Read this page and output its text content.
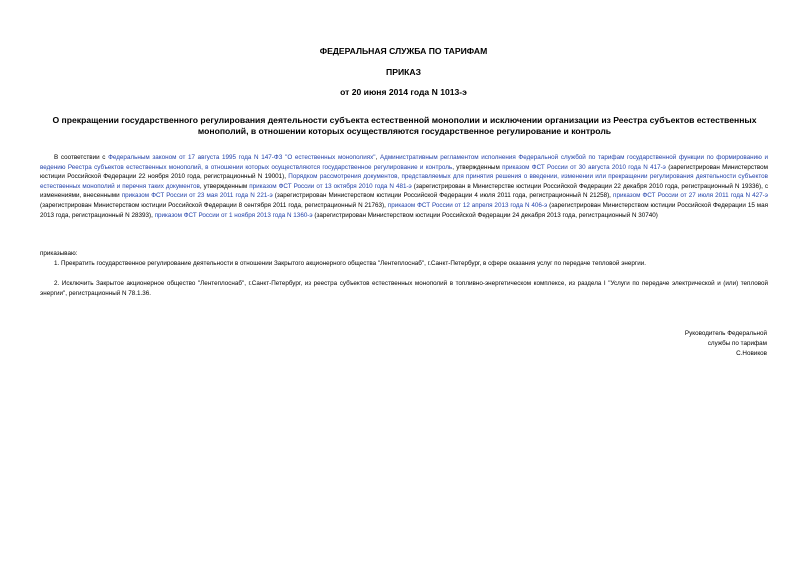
ФЕДЕРАЛЬНАЯ СЛУЖБА ПО ТАРИФАМ
ПРИКАЗ
от 20 июня 2014 года N 1013-э
О прекращении государственного регулирования деятельности субъекта естественной монополии и исключении организации из Реестра субъектов естественных монополий, в отношении которых осуществляются государственное регулирование и контроль
В соответствии с Федеральным законом от 17 августа 1995 года N 147-ФЗ "О естественных монополиях", Административным регламентом исполнения Федеральной службой по тарифам государственной функции по формированию и ведению Реестра субъектов естественных монополий, в отношении которых осуществляются государственное регулирование и контроль, утвержденным приказом ФСТ России от 30 августа 2010 года N 417-э (зарегистрирован Министерством юстиции Российской Федерации 22 ноября 2010 года, регистрационный N 19001), Порядком рассмотрения документов, представляемых для принятия решения о введении, изменении или прекращении регулирования деятельности субъектов естественных монополий и перечня таких документов, утвержденным приказом ФСТ России от 13 октября 2010 года N 481-э (зарегистрирован в Министерстве юстиции Российской Федерации 22 декабря 2010 года, регистрационный N 19336), с изменениями, внесенными приказом ФСТ России от 23 мая 2011 года N 221-э (зарегистрирован Министерством юстиции Российской Федерации 4 июля 2011 года, регистрационный N 21258), приказом ФСТ России от 27 июля 2011 года N 427-э (зарегистрирован Министерством юстиции Российской Федерации 8 сентября 2011 года, регистрационный N 21763), приказом ФСТ России от 12 апреля 2013 года N 406-э (зарегистрирован Министерством юстиции Российской Федерации 15 мая 2013 года, регистрационный N 28393), приказом ФСТ России от 1 ноября 2013 года N 1360-э (зарегистрирован Министерством юстиции Российской Федерации 24 декабря 2013 года, регистрационный N 30740)
приказываю:
1. Прекратить государственное регулирование деятельности в отношении Закрытого акционерного общества "Лентеплоснаб", г.Санкт-Петербург, в сфере оказания услуг по передаче тепловой энергии.
2. Исключить Закрытое акционерное общество "Лентеплоснаб", г.Санкт-Петербург, из реестра субъектов естественных монополий в топливно-энергетическом комплексе, из раздела I "Услуги по передаче электрической и (или) тепловой энергии", регистрационный N 78.1.36.
Руководитель Федеральной
службы по тарифам
С.Новиков
